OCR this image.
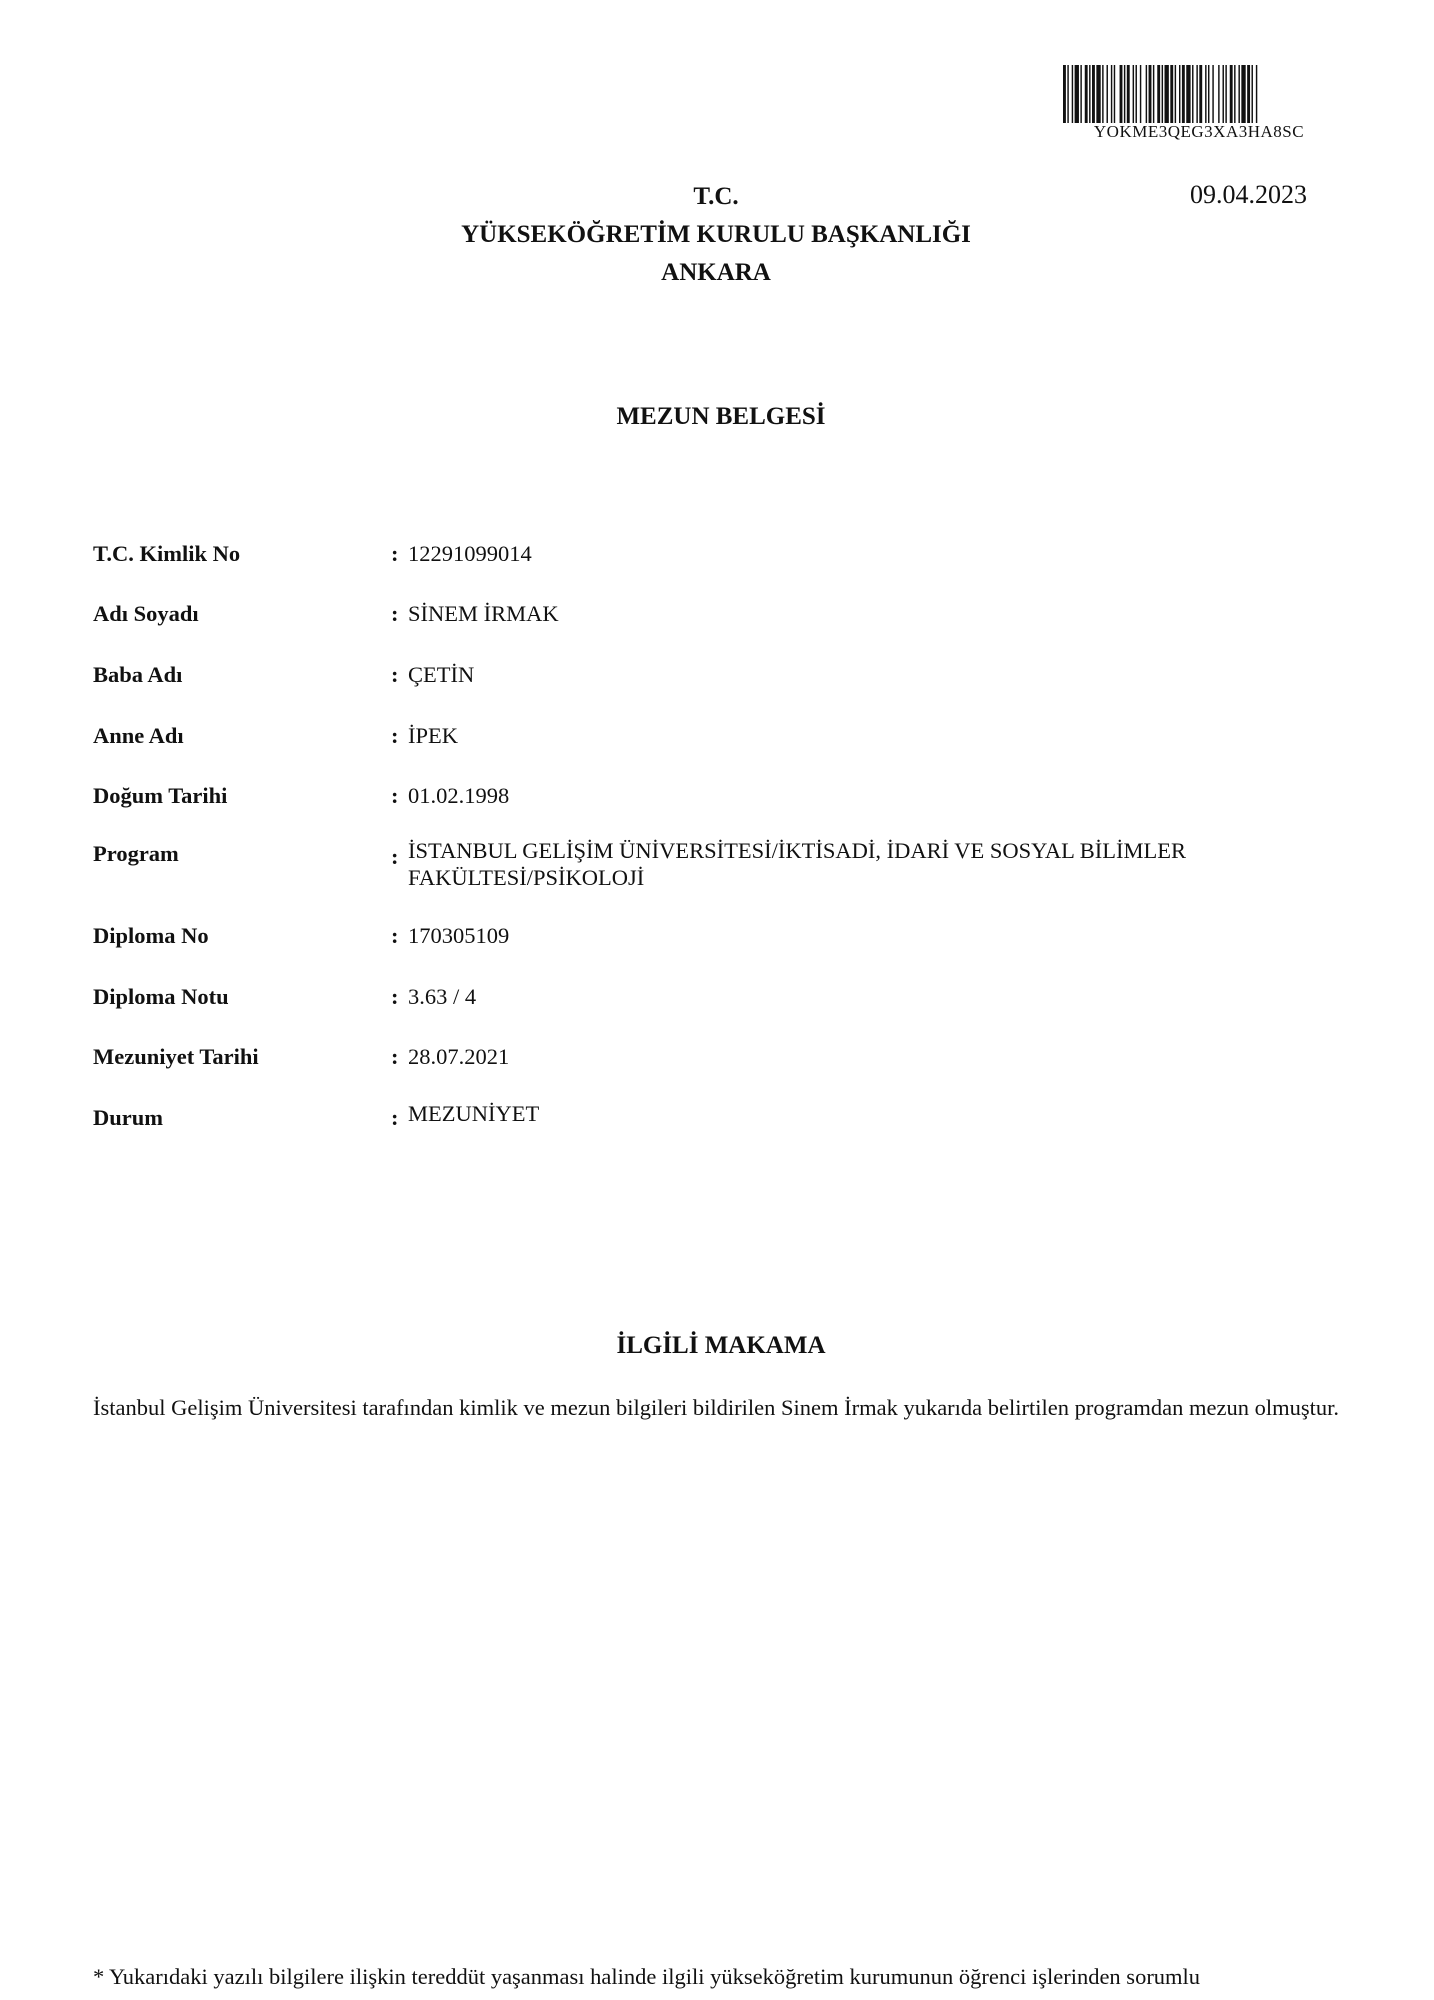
YOKME3QEG3XA3HA8SC
09.04.2023
T.C.
YÜKSEKÖĞRETİM KURULU BAŞKANLIĞI
ANKARA
MEZUN BELGESİ
T.C. Kimlik No	: 12291099014
Adı Soyadı	: SİNEM İRMAK
Baba Adı	: ÇETİN
Anne Adı	: İPEK
Doğum Tarihi	: 01.02.1998
Program	: İSTANBUL GELİŞİM ÜNİVERSİTESİ/İKTİSADİ, İDARİ VE SOSYAL BİLİMLER FAKÜLTESİ/PSİKOLOJİ
Diploma No	: 170305109
Diploma Notu	: 3.63 / 4
Mezuniyet Tarihi	: 28.07.2021
Durum	: MEZUNİYET
İLGİLİ MAKAMA
İstanbul Gelişim Üniversitesi tarafından kimlik ve mezun bilgileri bildirilen Sinem İrmak yukarıda belirtilen programdan mezun olmuştur.
* Yukarıdaki yazılı bilgilere ilişkin tereddüt yaşanması halinde ilgili yükseköğretim kurumunun öğrenci işlerinden sorumlu
